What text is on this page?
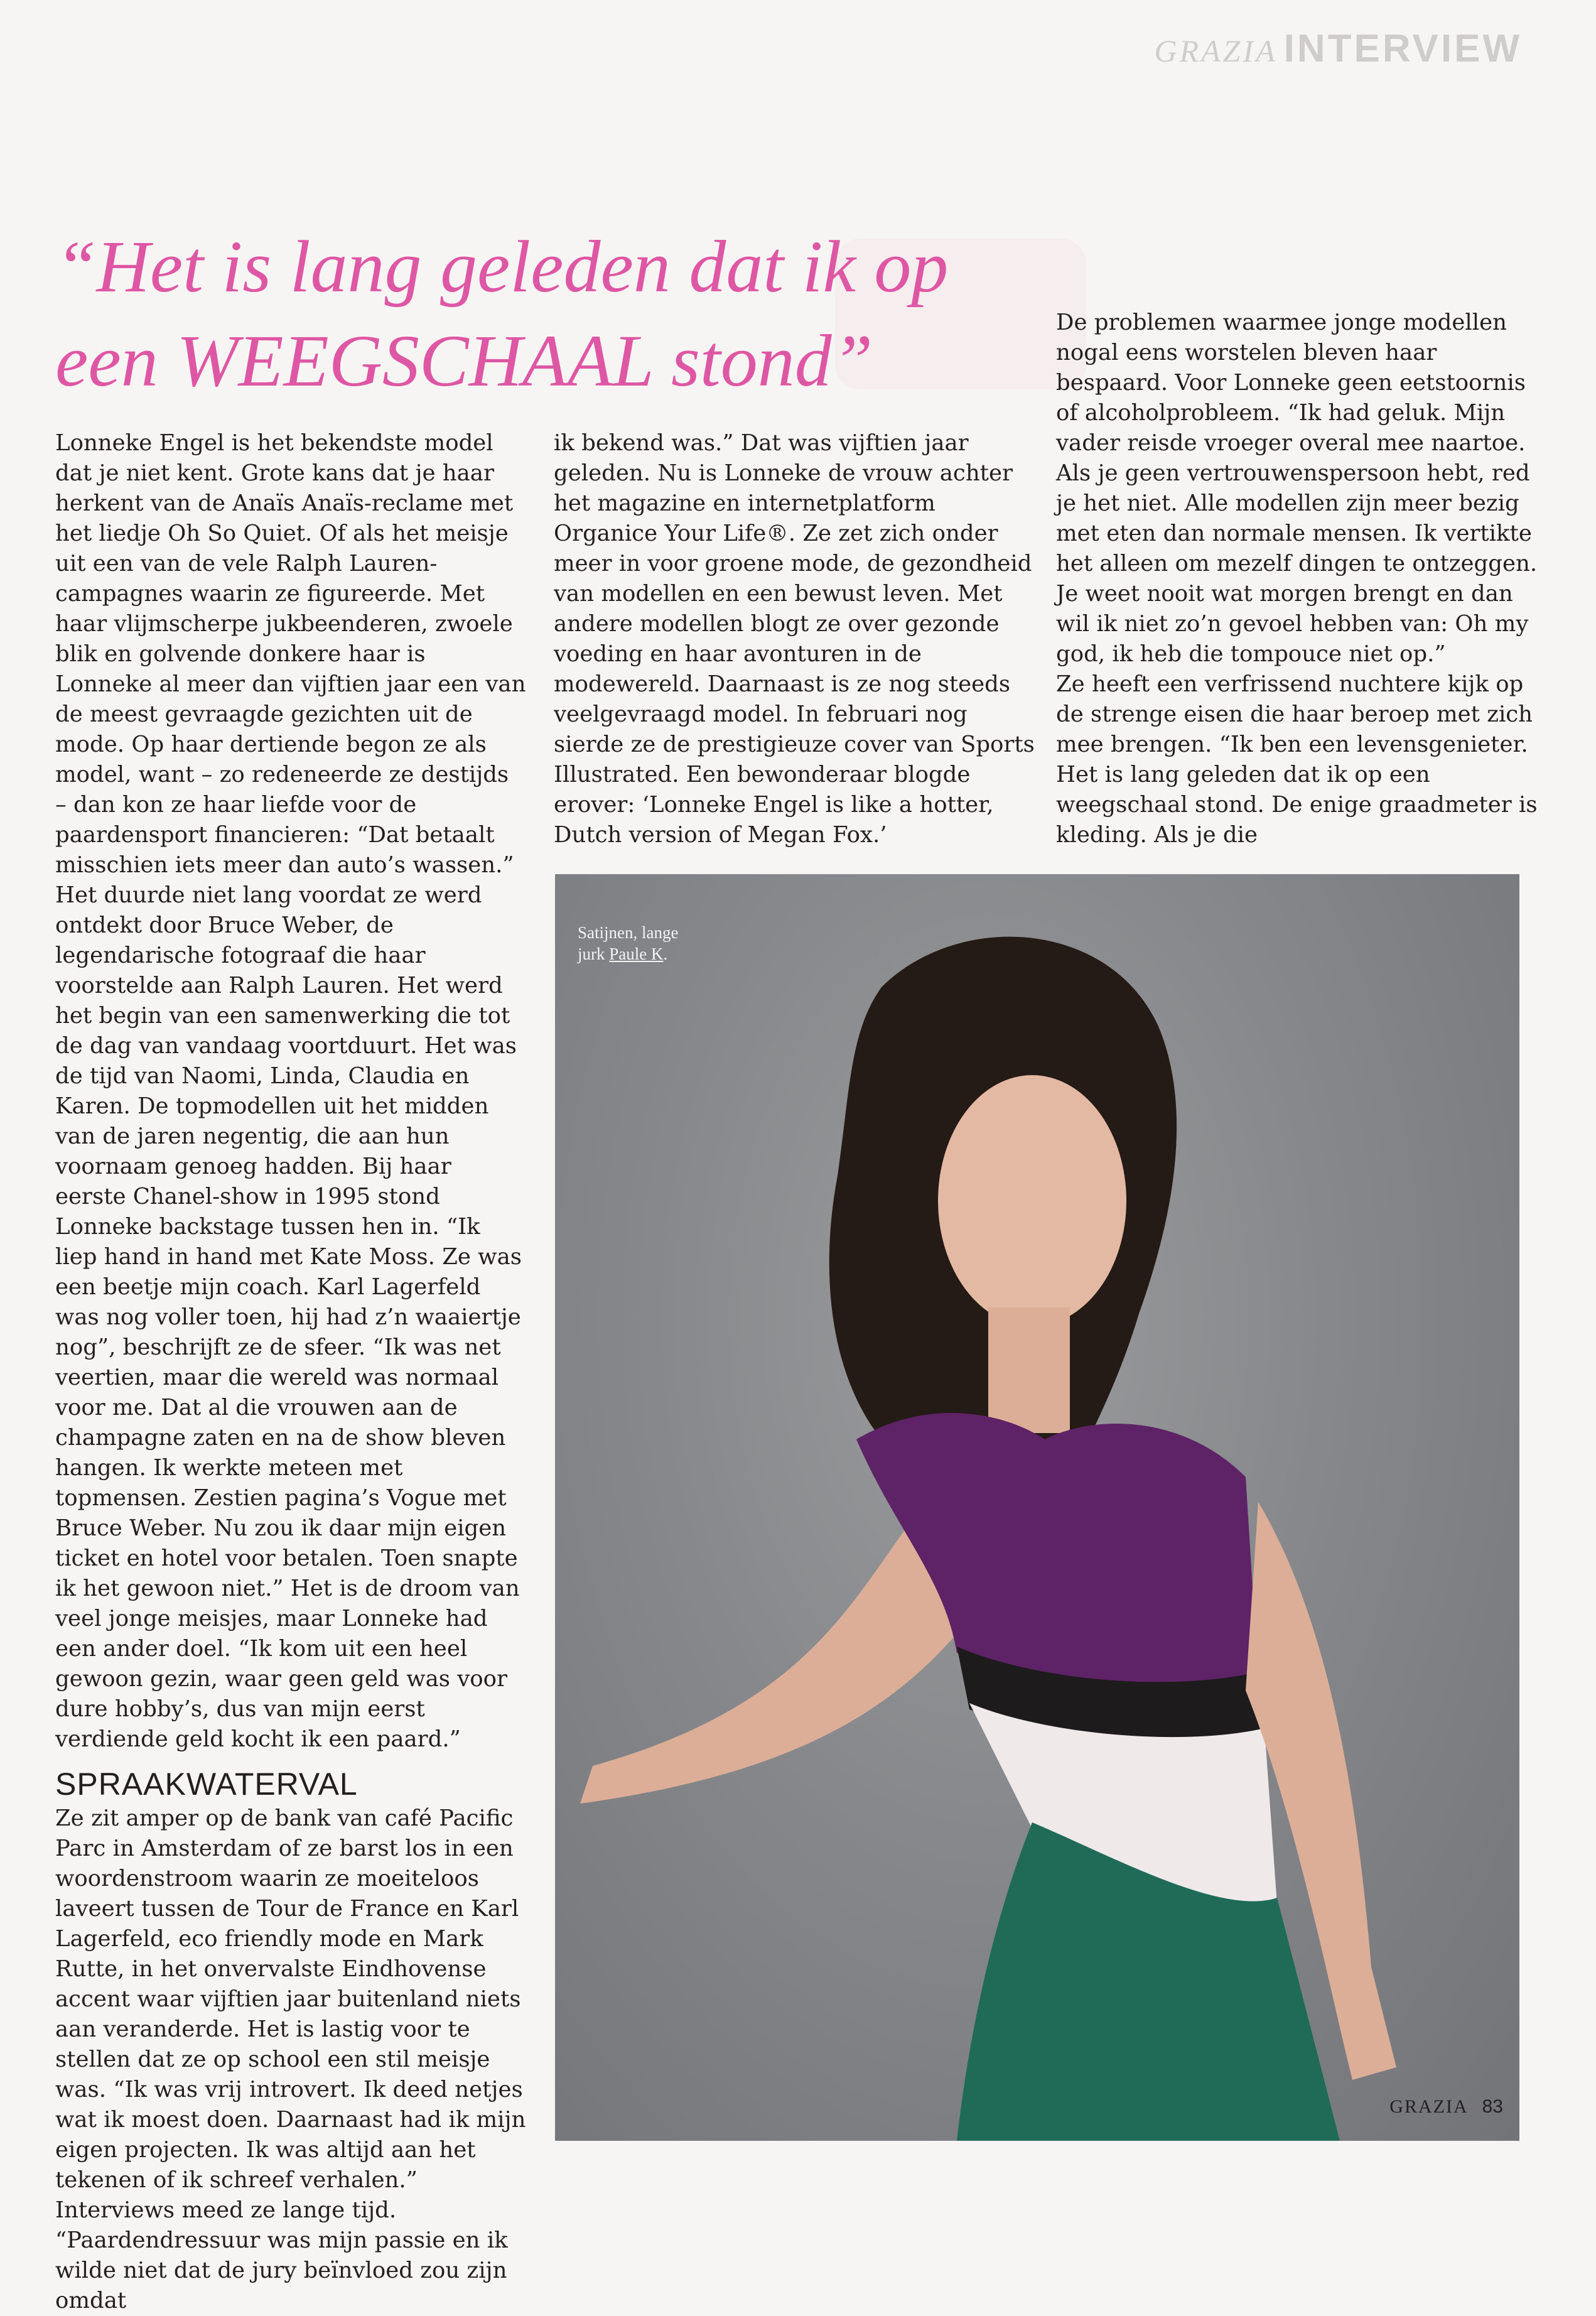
GRAZIA INTERVIEW
“Het is lang geleden dat ik op
een WEEGSCHAAL stond”

Lonneke Engel is het bekendste model dat je niet kent. Grote kans dat je haar herkent van de Anaïs Anaïs-reclame met het liedje Oh So Quiet. Of als het meisje uit een van de vele Ralph Lauren-campagnes waarin ze figureerde. Met haar vlijmscherpe jukbeenderen, zwoele blik en golvende donkere haar is Lonneke al meer dan vijftien jaar een van de meest gevraagde gezichten uit de mode. Op haar dertiende begon ze als model, want – zo redeneerde ze destijds – dan kon ze haar liefde voor de paardensport financieren: “Dat betaalt misschien iets meer dan auto’s wassen.” Het duurde niet lang voordat ze werd ontdekt door Bruce Weber, de legendarische fotograaf die haar voorstelde aan Ralph Lauren. Het werd het begin van een samenwerking die tot de dag van vandaag voortduurt. Het was de tijd van Naomi, Linda, Claudia en Karen. De topmodellen uit het midden van de jaren negentig, die aan hun voornaam genoeg hadden. Bij haar eerste Chanel-show in 1995 stond Lonneke backstage tussen hen in. “Ik liep hand in hand met Kate Moss. Ze was een beetje mijn coach. Karl Lagerfeld was nog voller toen, hij had z’n waaiertje nog”, beschrijft ze de sfeer. “Ik was net veertien, maar die wereld was normaal voor me. Dat al die vrouwen aan de champagne zaten en na de show bleven hangen. Ik werkte meteen met topmensen. Zestien pagina’s Vogue met Bruce Weber. Nu zou ik daar mijn eigen ticket en hotel voor betalen. Toen snapte ik het gewoon niet.” Het is de droom van veel jonge meisjes, maar Lonneke had een ander doel. “Ik kom uit een heel gewoon gezin, waar geen geld was voor dure hobby’s, dus van mijn eerst verdiende geld kocht ik een paard.”

SPRAAKWATERVAL

Ze zit amper op de bank van café Pacific Parc in Amsterdam of ze barst los in een woordenstroom waarin ze moeiteloos laveert tussen de Tour de France en Karl Lagerfeld, eco friendly mode en Mark Rutte, in het onvervalste Eindhovense accent waar vijftien jaar buitenland niets aan veranderde. Het is lastig voor te stellen dat ze op school een stil meisje was. “Ik was vrij introvert. Ik deed netjes wat ik moest doen. Daarnaast had ik mijn eigen projecten. Ik was altijd aan het tekenen of ik schreef verhalen.” Interviews meed ze lange tijd. “Paardendressuur was mijn passie en ik wilde niet dat de jury beïnvloed zou zijn omdat

ik bekend was.” Dat was vijftien jaar geleden. Nu is Lonneke de vrouw achter het magazine en internetplatform Organice Your Life®. Ze zet zich onder meer in voor groene mode, de gezondheid van modellen en een bewust leven. Met andere modellen blogt ze over gezonde voeding en haar avonturen in de modewereld. Daarnaast is ze nog steeds veelgevraagd model. In februari nog sierde ze de prestigieuze cover van Sports Illustrated. Een bewonderaar blogde erover: ‘Lonneke Engel is like a hotter, Dutch version of Megan Fox.’

De problemen waarmee jonge modellen nogal eens worstelen bleven haar bespaard. Voor Lonneke geen eetstoornis of alcoholprobleem. “Ik had geluk. Mijn vader reisde vroeger overal mee naartoe. Als je geen vertrouwenspersoon hebt, red je het niet. Alle modellen zijn meer bezig met eten dan normale mensen. Ik vertikte het alleen om mezelf dingen te ontzeggen. Je weet nooit wat morgen brengt en dan wil ik niet zo’n gevoel hebben van: Oh my god, ik heb die tompouce niet op.”

Ze heeft een verfrissend nuchtere kijk op de strenge eisen die haar beroep met zich mee brengen. “Ik ben een levensgenieter. Het is lang geleden dat ik op een weegschaal stond. De enige graadmeter is kleding. Als je die

Satijnen, lange
jurk Paule K.
GRAZIA 83
